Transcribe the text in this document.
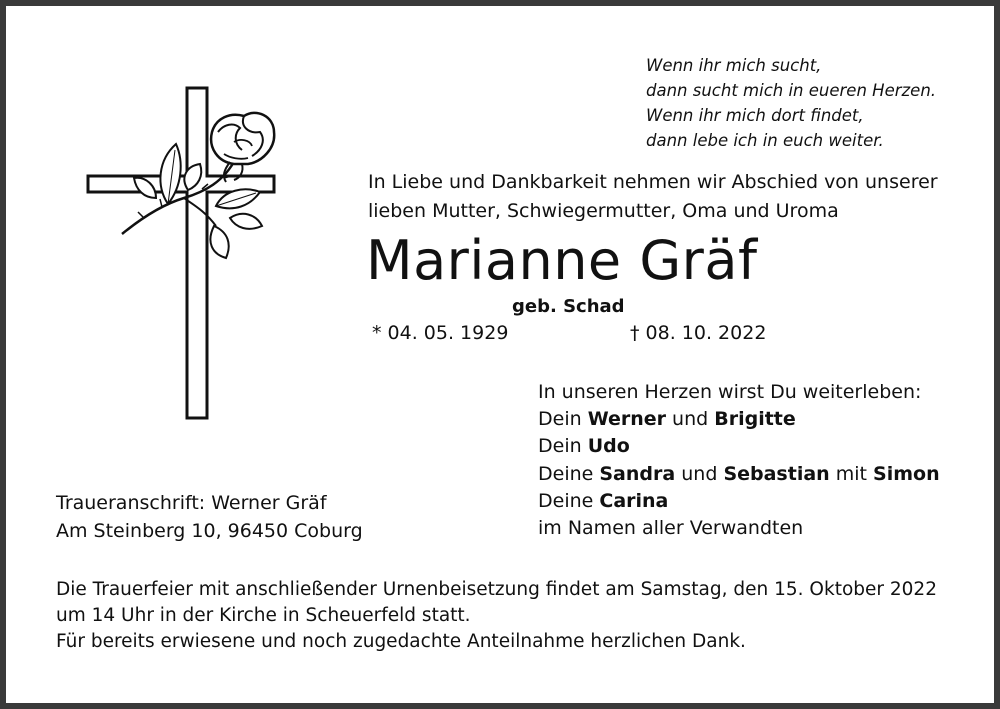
Wenn ihr mich sucht,
dann sucht mich in eueren Herzen.
Wenn ihr mich dort findet,
dann lebe ich in euch weiter.
In Liebe und Dankbarkeit nehmen wir Abschied von unserer
lieben Mutter, Schwiegermutter, Oma und Uroma
Marianne Gräf
geb. Schad
* 04. 05. 1929	† 08. 10. 2022
In unseren Herzen wirst Du weiterleben:
Dein Werner und Brigitte
Dein Udo
Deine Sandra und Sebastian mit Simon
Deine Carina
im Namen aller Verwandten
Traueranschrift: Werner Gräf
Am Steinberg 10, 96450 Coburg
Die Trauerfeier mit anschließender Urnenbeisetzung findet am Samstag, den 15. Oktober 2022
um 14 Uhr in der Kirche in Scheuerfeld statt.
Für bereits erwiesene und noch zugedachte Anteilnahme herzlichen Dank.
